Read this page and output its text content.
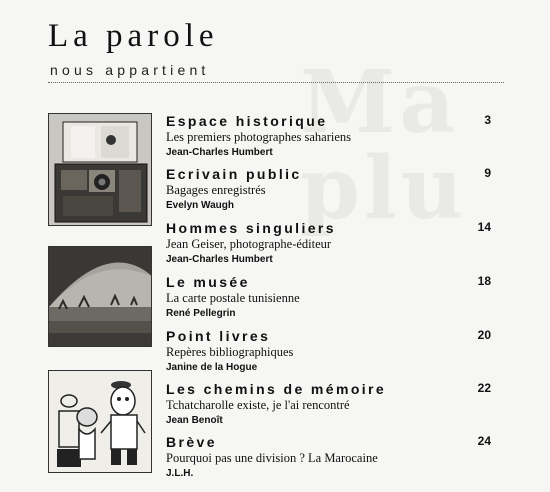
Ma
plu
La parole
nous appartient
Espace historique
Les premiers photographes sahariens
Jean-Charles Humbert
3
Ecrivain public
Bagages enregistrés
Evelyn Waugh
9
Hommes singuliers
Jean Geiser, photographe-éditeur
Jean-Charles Humbert
14
Le musée
La carte postale tunisienne
René Pellegrin
18
Point livres
Repères bibliographiques
Janine de la Hogue
20
Les chemins de mémoire
Tchatcharolle existe, je l'ai rencontré
Jean Benoît
22
Brève
Pourquoi pas une division ? La Marocaine
J.L.H.
24
